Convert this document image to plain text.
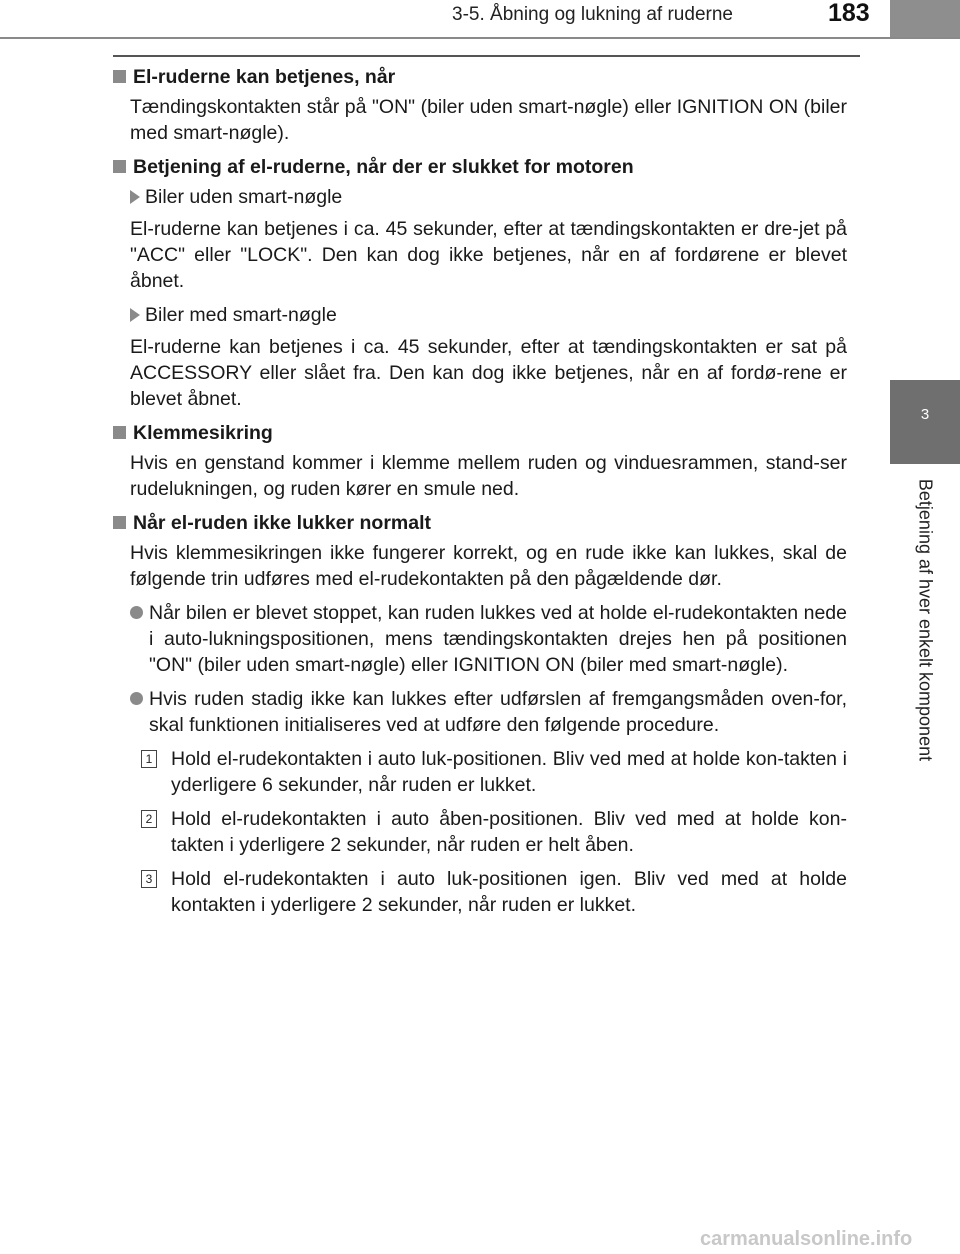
3-5. Åbning og lukning af ruderne	183
3
Betjening af hver enkelt komponent
El-ruderne kan betjenes, når
Tændingskontakten står på "ON" (biler uden smart-nøgle) eller IGNITION ON (biler med smart-nøgle).
Betjening af el-ruderne, når der er slukket for motoren
Biler uden smart-nøgle
El-ruderne kan betjenes i ca. 45 sekunder, efter at tændingskontakten er dre-jet på "ACC" eller "LOCK". Den kan dog ikke betjenes, når en af fordørene er blevet åbnet.
Biler med smart-nøgle
El-ruderne kan betjenes i ca. 45 sekunder, efter at tændingskontakten er sat på ACCESSORY eller slået fra. Den kan dog ikke betjenes, når en af fordø-rene er blevet åbnet.
Klemmesikring
Hvis en genstand kommer i klemme mellem ruden og vinduesrammen, stand-ser rudelukningen, og ruden kører en smule ned.
Når el-ruden ikke lukker normalt
Hvis klemmesikringen ikke fungerer korrekt, og en rude ikke kan lukkes, skal de følgende trin udføres med el-rudekontakten på den pågældende dør.
Når bilen er blevet stoppet, kan ruden lukkes ved at holde el-rudekontakten nede i auto-lukningspositionen, mens tændingskontakten drejes hen på positionen "ON" (biler uden smart-nøgle) eller IGNITION ON (biler med smart-nøgle).
Hvis ruden stadig ikke kan lukkes efter udførslen af fremgangsmåden oven-for, skal funktionen initialiseres ved at udføre den følgende procedure.
1 Hold el-rudekontakten i auto luk-positionen. Bliv ved med at holde kon-takten i yderligere 6 sekunder, når ruden er lukket.
2 Hold el-rudekontakten i auto åben-positionen. Bliv ved med at holde kon-takten i yderligere 2 sekunder, når ruden er helt åben.
3 Hold el-rudekontakten i auto luk-positionen igen. Bliv ved med at holde kontakten i yderligere 2 sekunder, når ruden er lukket.
carmanualsonline.info
